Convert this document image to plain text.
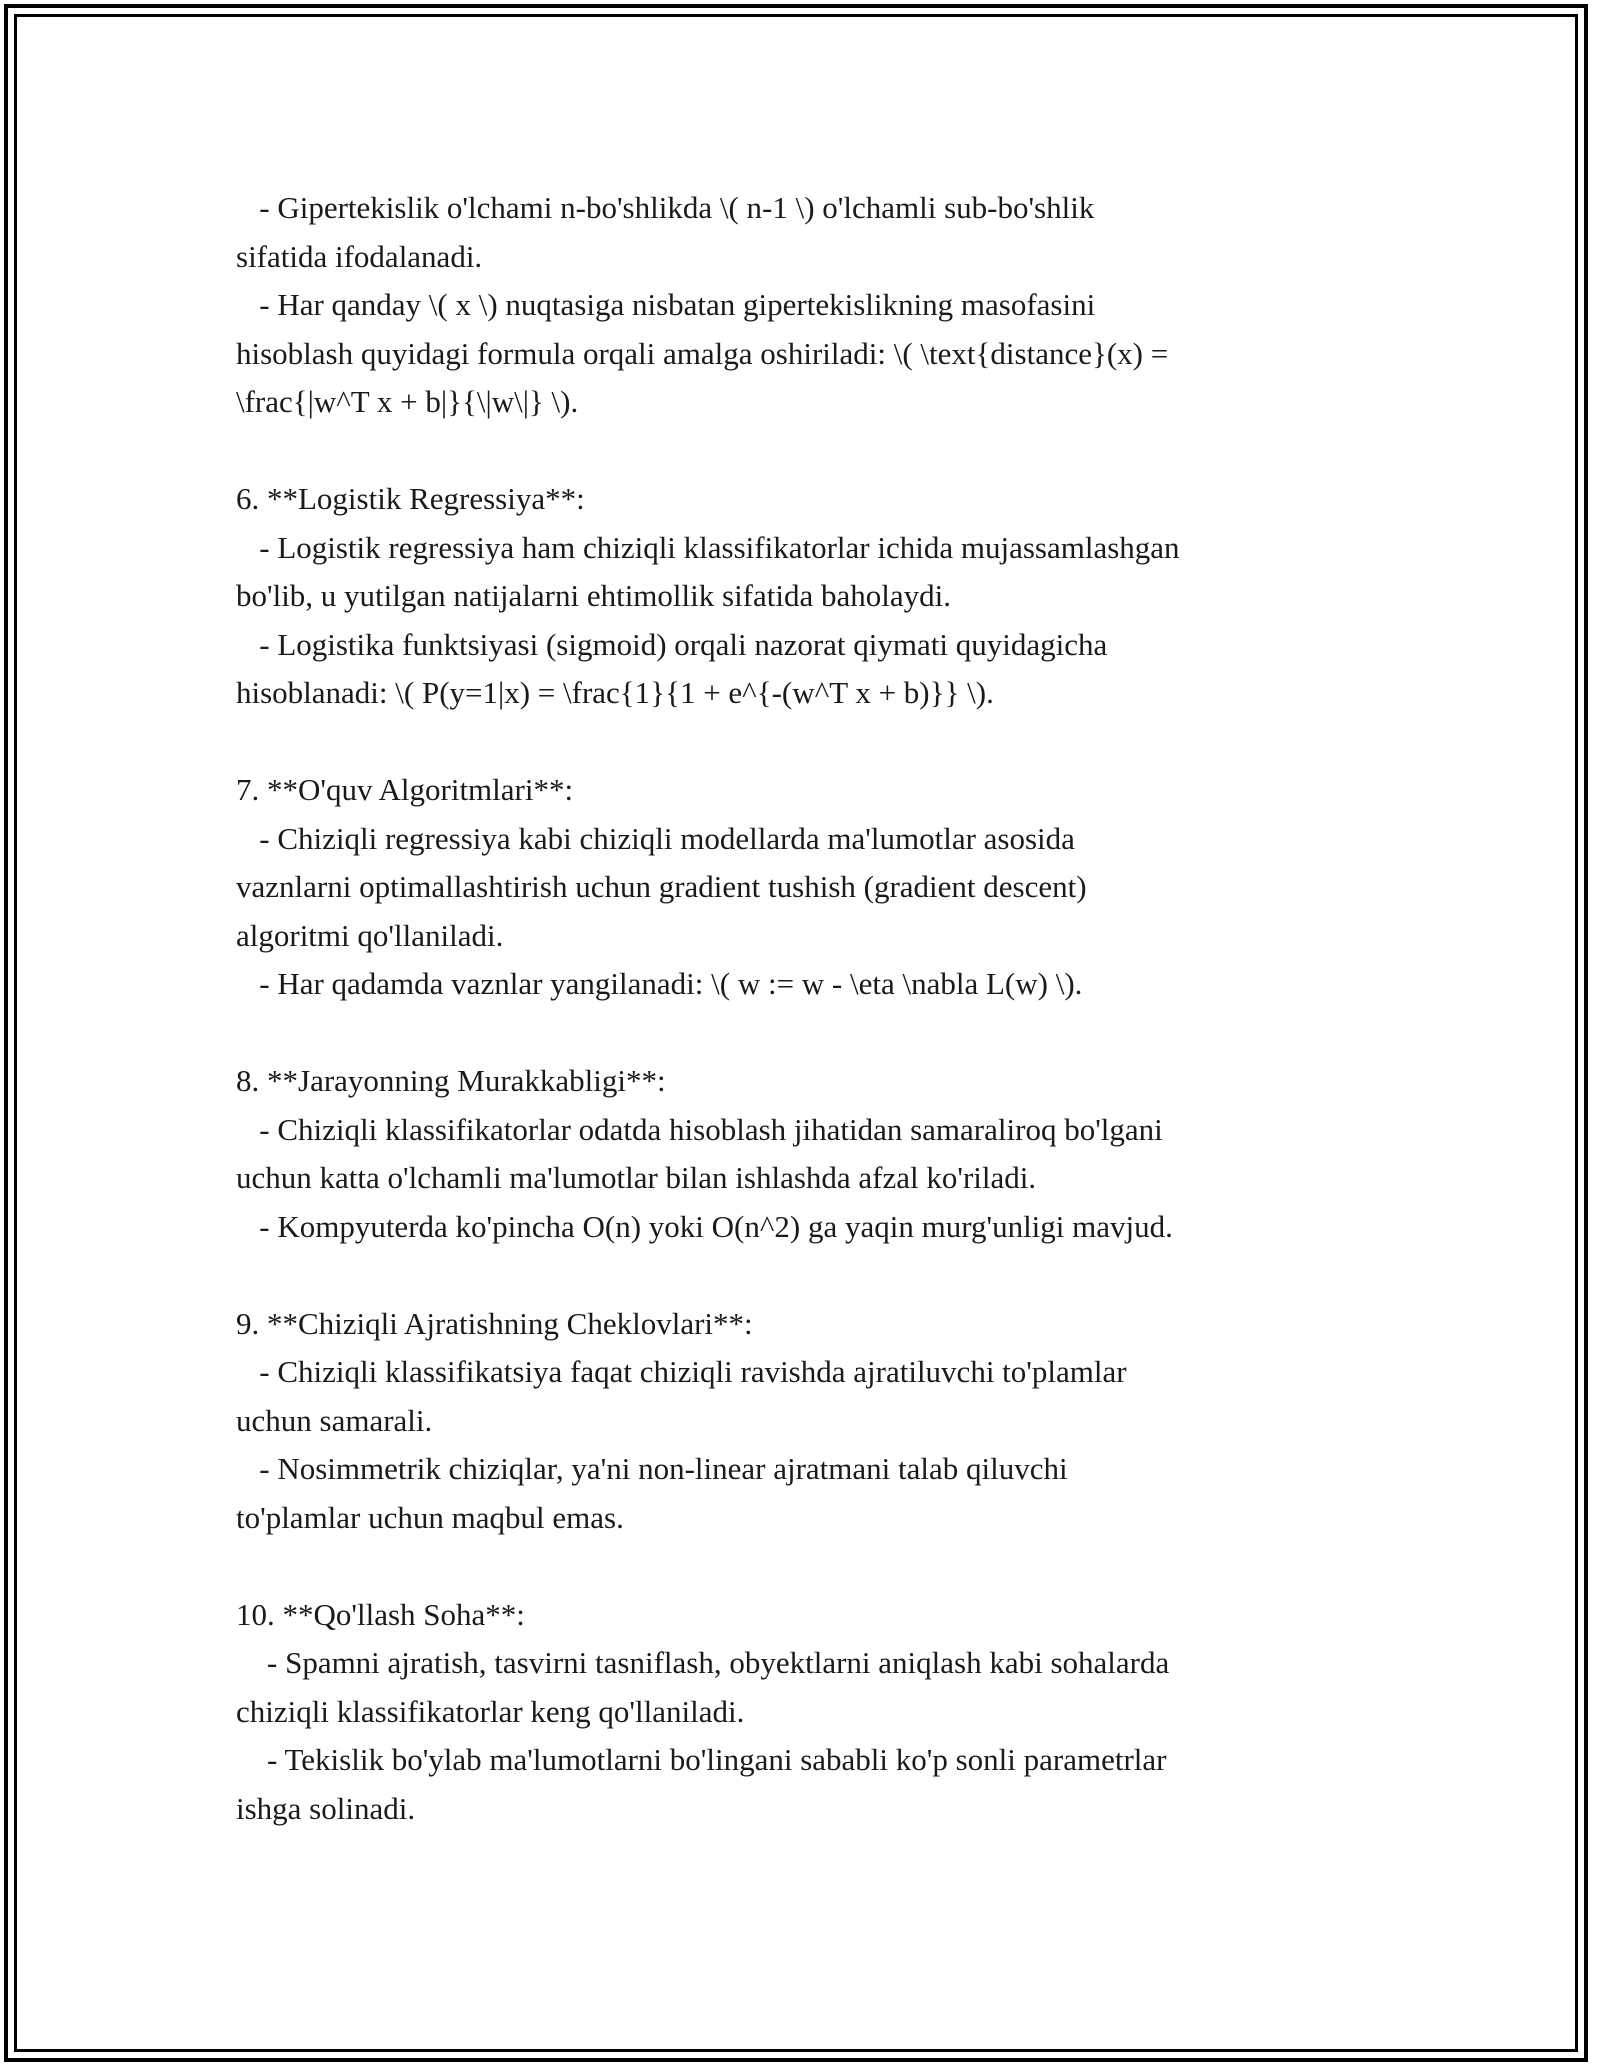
- Gipertekislik o'lchami n-bo'shlikda \( n-1 \) o'lchamli sub-bo'shlik
sifatida ifodalanadi.
- Har qanday \( x \) nuqtasiga nisbatan gipertekislikning masofasini
hisoblash quyidagi formula orqali amalga oshiriladi: \( \text{distance}(x) =
\frac{|w^T x + b|}{\|w\|} \).
6. **Logistik Regressiya**:
- Logistik regressiya ham chiziqli klassifikatorlar ichida mujassamlashgan
bo'lib, u yutilgan natijalarni ehtimollik sifatida baholaydi.
- Logistika funktsiyasi (sigmoid) orqali nazorat qiymati quyidagicha
hisoblanadi: \( P(y=1|x) = \frac{1}{1 + e^{-(w^T x + b)}} \).
7. **O'quv Algoritmlari**:
- Chiziqli regressiya kabi chiziqli modellarda ma'lumotlar asosida
vaznlarni optimallashtirish uchun gradient tushish (gradient descent)
algoritmi qo'llaniladi.
- Har qadamda vaznlar yangilanadi: \( w := w - \eta \nabla L(w) \).
8. **Jarayonning Murakkabligi**:
- Chiziqli klassifikatorlar odatda hisoblash jihatidan samaraliroq bo'lgani
uchun katta o'lchamli ma'lumotlar bilan ishlashda afzal ko'riladi.
- Kompyuterda ko'pincha O(n) yoki O(n^2) ga yaqin murg'unligi mavjud.
9. **Chiziqli Ajratishning Cheklovlari**:
- Chiziqli klassifikatsiya faqat chiziqli ravishda ajratiluvchi to'plamlar
uchun samarali.
- Nosimmetrik chiziqlar, ya'ni non-linear ajratmani talab qiluvchi
to'plamlar uchun maqbul emas.
10. **Qo'llash Soha**:
- Spamni ajratish, tasvirni tasniflash, obyektlarni aniqlash kabi sohalarda
chiziqli klassifikatorlar keng qo'llaniladi.
- Tekislik bo'ylab ma'lumotlarni bo'lingani sababli ko'p sonli parametrlar
ishga solinadi.
